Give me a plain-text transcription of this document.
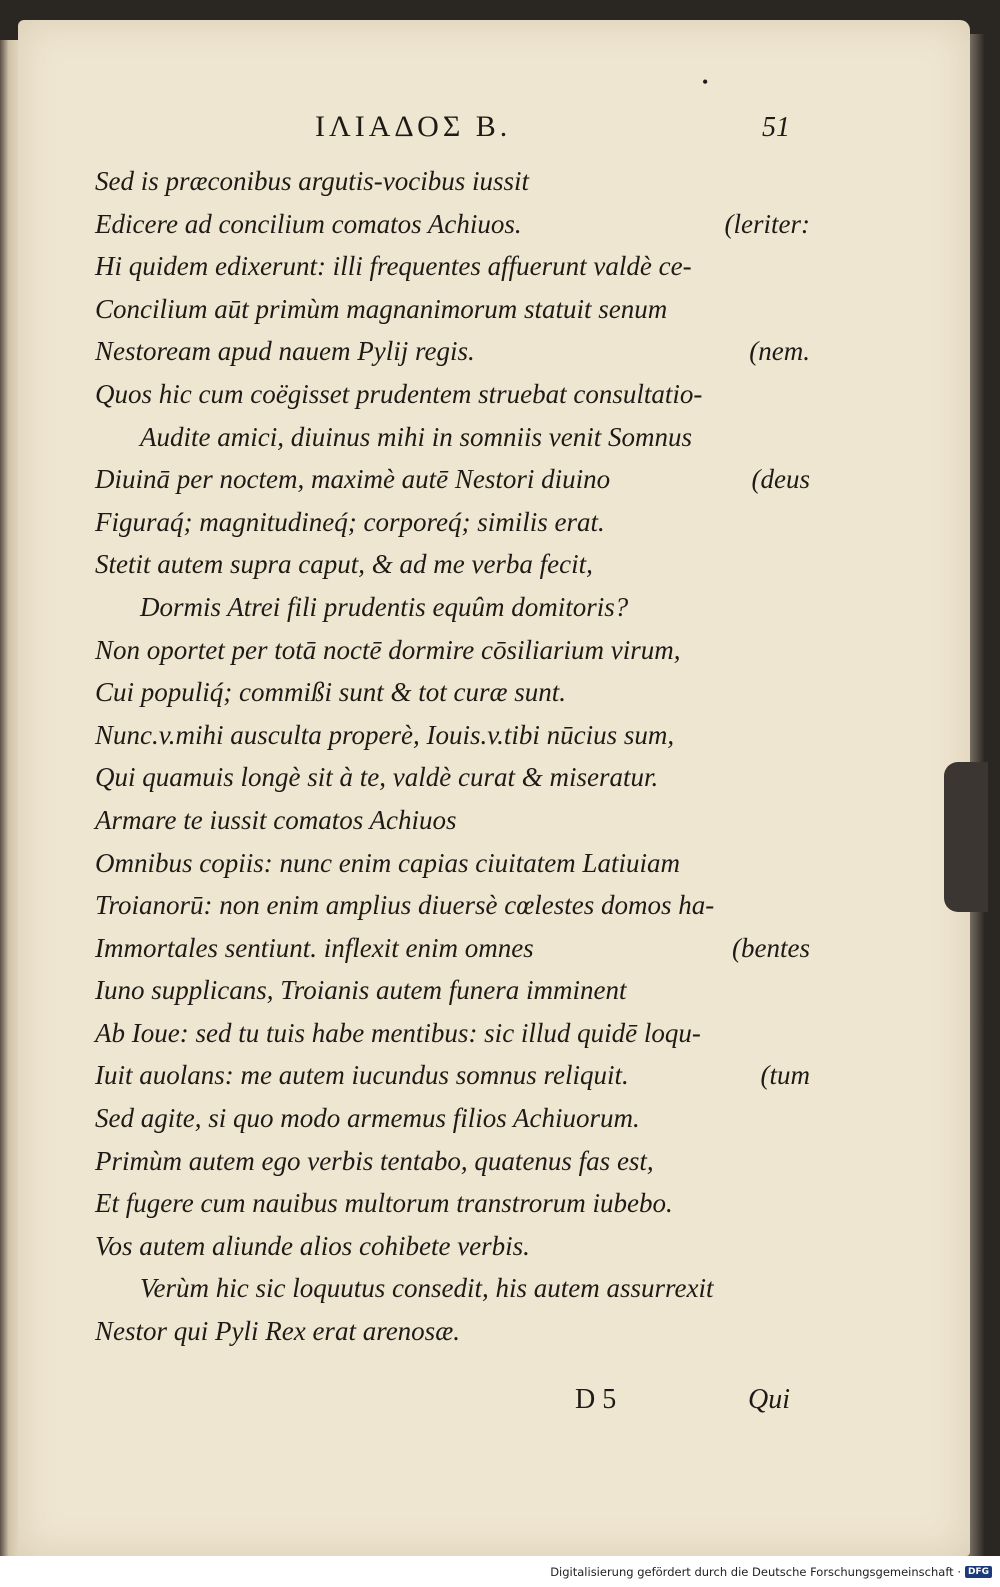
•
ΙΛΙΑΔΟΣ Β.	51
Sed is præconibus argutis-vocibus iussit
Edicere ad concilium comatos Achiuos.	(leriter:
Hi quidem edixerunt: illi frequentes affuerunt valdè ce-
Concilium aūt primùm magnanimorum statuit senum
Nestoream apud nauem Pylij regis.	(nem.
Quos hic cum coëgisset prudentem struebat consultatio-
Audite amici, diuinus mihi in somniis venit Somnus
Diuinā per noctem, maximè autē Nestori diuino	(deus
Figuraq́; magnitudineq́; corporeq́; similis erat.
Stetit autem supra caput, & ad me verba fecit,
Dormis Atrei fili prudentis equûm domitoris?
Non oportet per totā noctē dormire cōsiliarium virum,
Cui populiq́; commißi sunt & tot curæ sunt.
Nunc.v.mihi ausculta properè, Iouis.v.tibi nūcius sum,
Qui quamuis longè sit à te, valdè curat & miseratur.
Armare te iussit comatos Achiuos
Omnibus copiis: nunc enim capias ciuitatem Latiuiam
Troianorū: non enim amplius diuersè cœlestes domos ha-
Immortales sentiunt. inflexit enim omnes	(bentes
Iuno supplicans, Troianis autem funera imminent
Ab Ioue: sed tu tuis habe mentibus: sic illud quidē loqu-
Iuit auolans: me autem iucundus somnus reliquit.	(tum
Sed agite, si quo modo armemus filios Achiuorum.
Primùm autem ego verbis tentabo, quatenus fas est,
Et fugere cum nauibus multorum transtrorum iubebo.
Vos autem aliunde alios cohibete verbis.
Verùm hic sic loquutus consedit, his autem assurrexit
Nestor qui Pyli Rex erat arenosæ.
D 5	Qui
Digitalisierung gefördert durch die Deutsche Forschungsgemeinschaft · DFG
